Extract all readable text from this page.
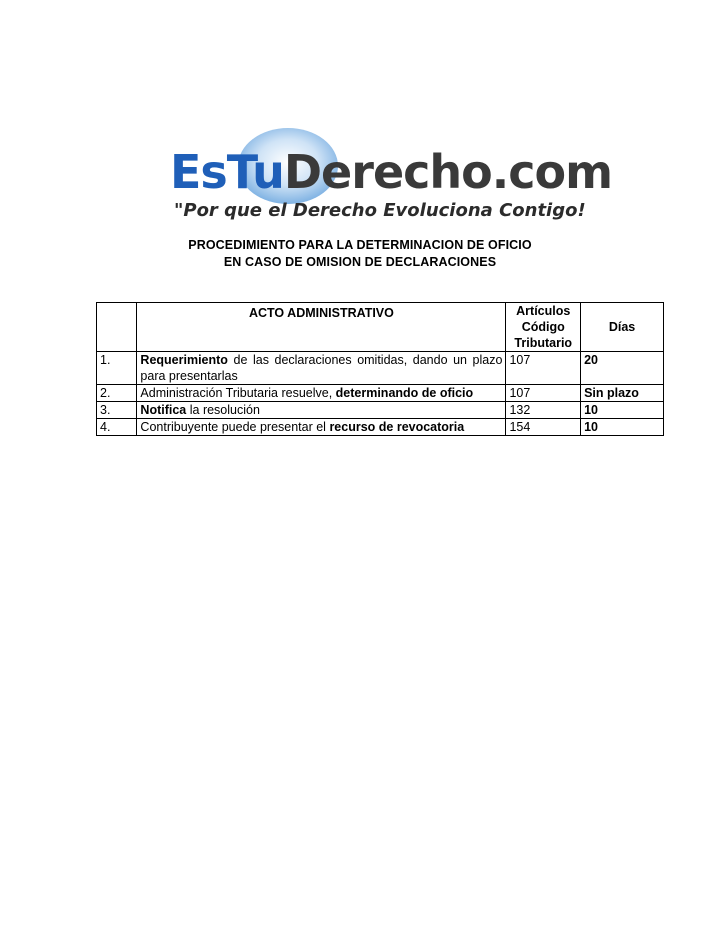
EsTuDerecho.com
"Por que el Derecho Evoluciona Contigo!
PROCEDIMIENTO PARA LA DETERMINACION DE OFICIO
EN CASO DE OMISION DE DECLARACIONES
	ACTO ADMINISTRATIVO	Artículos
Código
Tributario	Días
1.	Requerimiento de las declaraciones omitidas, dando un plazo para presentarlas	107	20
2.	Administración Tributaria resuelve, determinando de oficio	107	Sin plazo
3.	Notifica la resolución	132	10
4.	Contribuyente puede presentar el recurso de revocatoria	154	10
